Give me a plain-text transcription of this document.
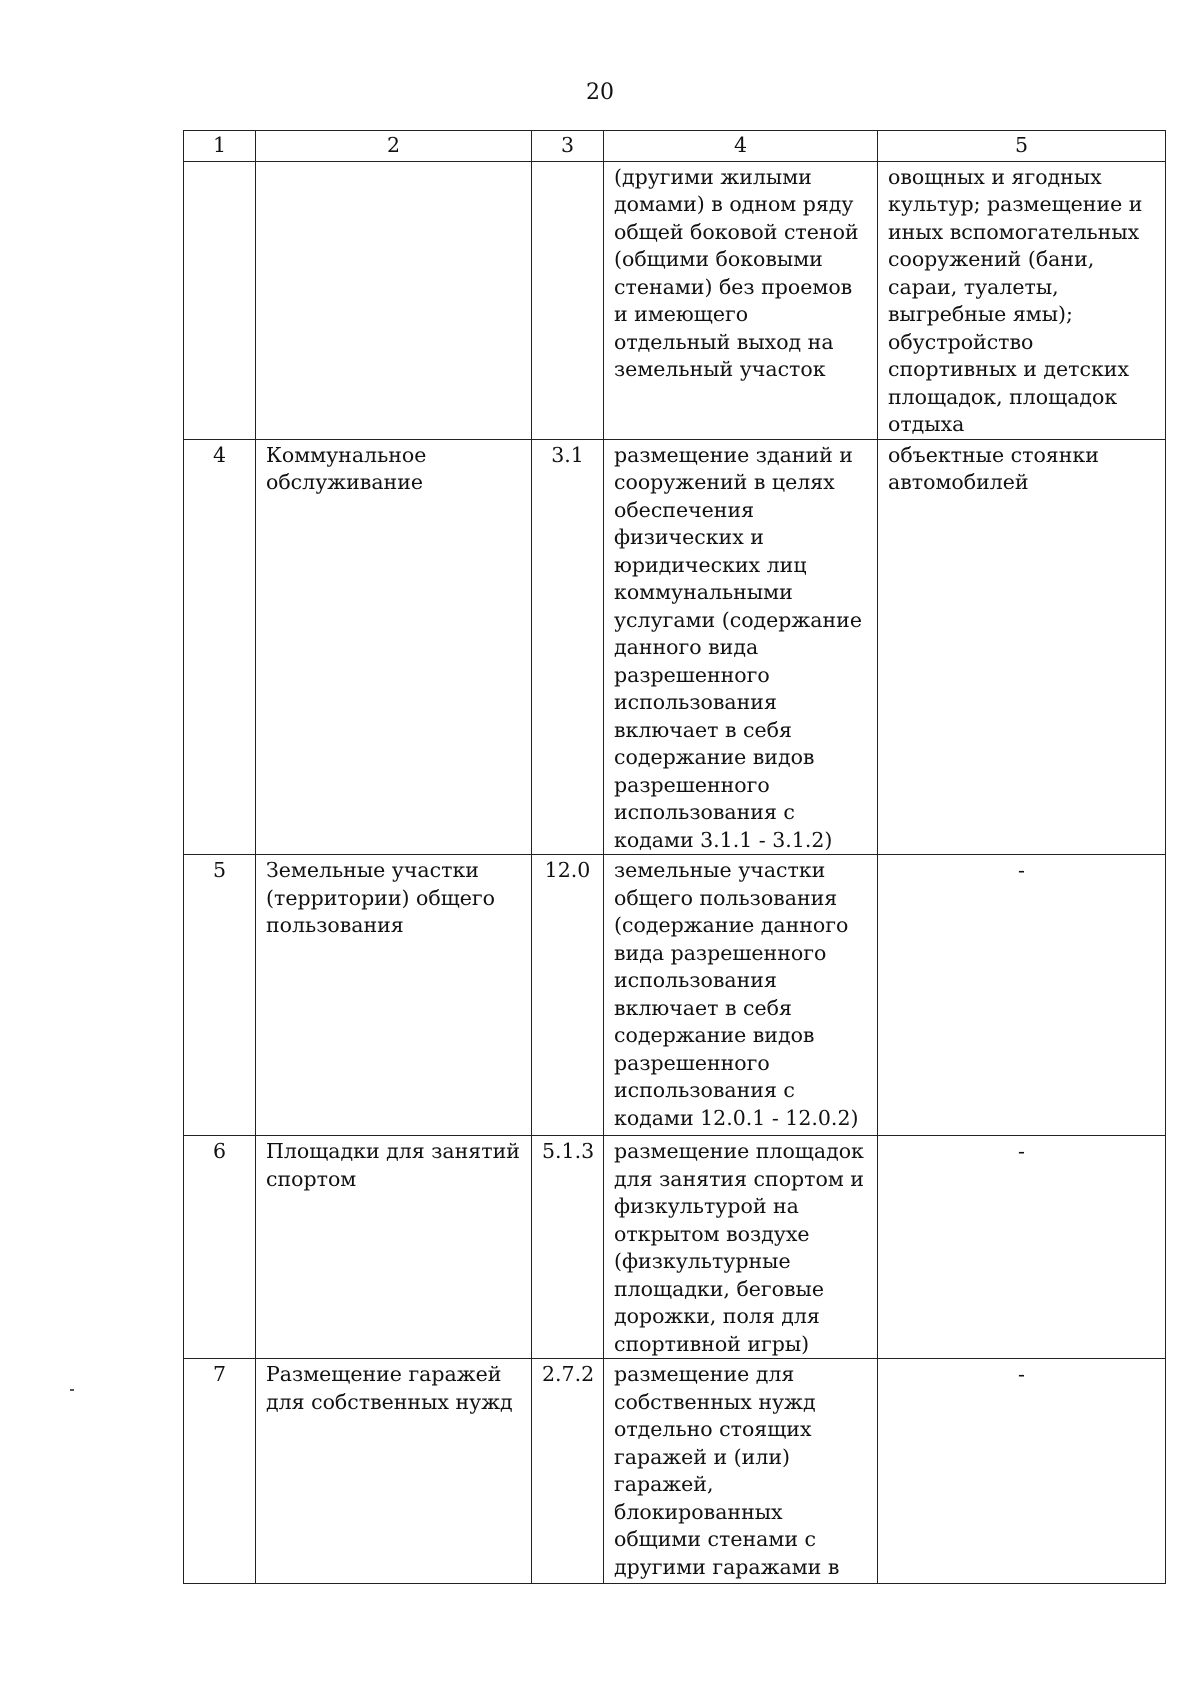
20
1	2	3	4	5
			(другими жилыми домами) в одном ряду общей боковой стеной (общими боковыми стенами) без проемов и имеющего отдельный выход на земельный участок	овощных и ягодных культур; размещение и иных вспомогательных сооружений (бани, сараи, туалеты, выгребные ямы); обустройство спортивных и детских площадок, площадок отдыха
4	Коммунальное обслуживание	3.1	размещение зданий и сооружений в целях обеспечения физических и юридических лиц коммунальными услугами (содержание данного вида разрешенного использования включает в себя содержание видов разрешенного использования с кодами 3.1.1 - 3.1.2)	объектные стоянки автомобилей
5	Земельные участки (территории) общего пользования	12.0	земельные участки общего пользования (содержание данного вида разрешенного использования включает в себя содержание видов разрешенного использования с кодами 12.0.1 - 12.0.2)	-
6	Площадки для занятий спортом	5.1.3	размещение площадок для занятия спортом и физкультурой на открытом воздухе (физкультурные площадки, беговые дорожки, поля для спортивной игры)	-
7	Размещение гаражей для собственных нужд	2.7.2	размещение для собственных нужд отдельно стоящих гаражей и (или) гаражей, блокированных общими стенами с другими гаражами в	-
